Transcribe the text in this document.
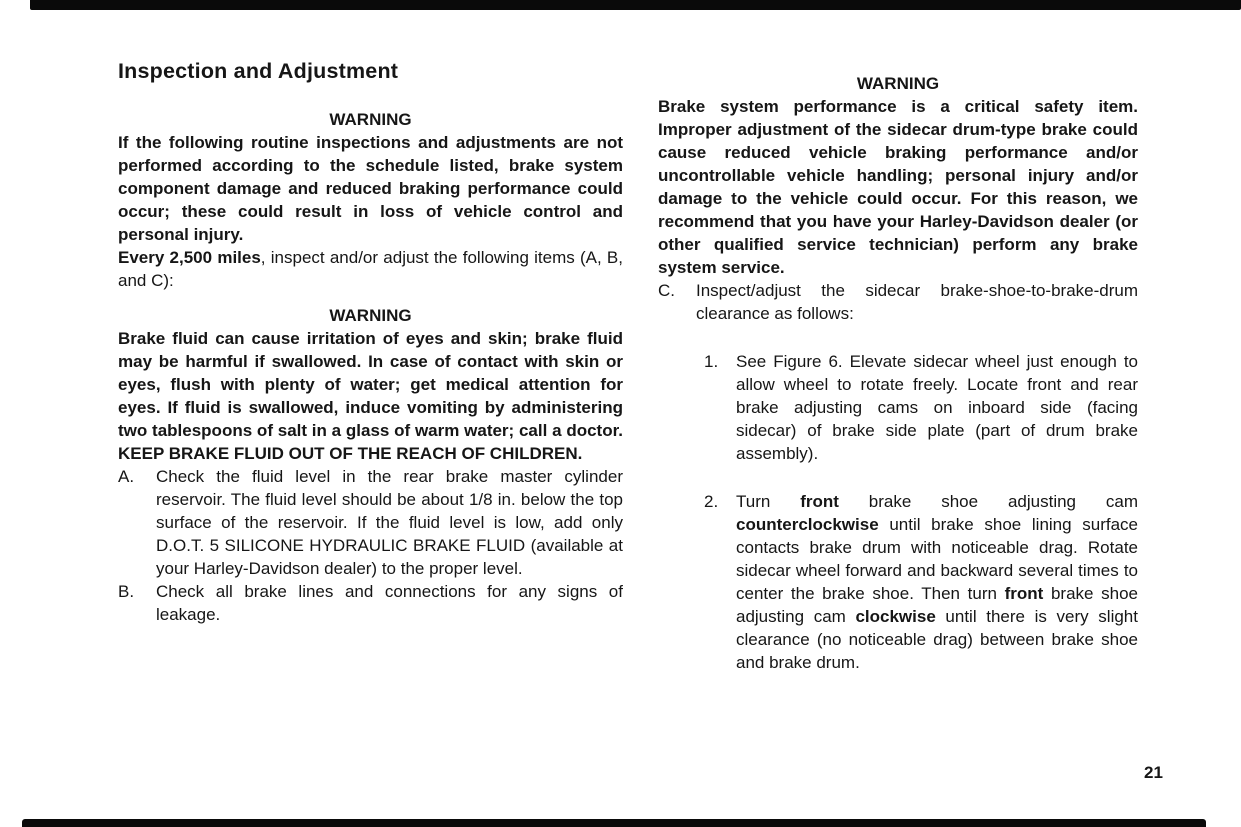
Inspection and Adjustment
WARNING

If the following routine inspections and adjustments are not performed according to the schedule listed, brake system component damage and reduced braking performance could occur; these could result in loss of vehicle control and personal injury.

Every 2,500 miles, inspect and/or adjust the following items (A, B, and C):

WARNING

Brake fluid can cause irritation of eyes and skin; brake fluid may be harmful if swallowed. In case of contact with skin or eyes, flush with plenty of water; get medical attention for eyes. If fluid is swallowed, induce vomiting by administering two tablespoons of salt in a glass of warm water; call a doctor. KEEP BRAKE FLUID OUT OF THE REACH OF CHILDREN.

A.	Check the fluid level in the rear brake master cylinder reservoir. The fluid level should be about 1/8 in. below the top surface of the reservoir. If the fluid level is low, add only D.O.T. 5 SILICONE HYDRAULIC BRAKE FLUID (available at your Harley-Davidson dealer) to the proper level.
B.	Check all brake lines and connections for any signs of leakage.
WARNING

Brake system performance is a critical safety item. Improper adjustment of the sidecar drum-type brake could cause reduced vehicle braking performance and/or uncontrollable vehicle handling; personal injury and/or damage to the vehicle could occur. For this reason, we recommend that you have your Harley-Davidson dealer (or other qualified service technician) perform any brake system service.

C.	Inspect/adjust the sidecar brake-shoe-to-brake-drum clearance as follows:
1.	See Figure 6. Elevate sidecar wheel just enough to allow wheel to rotate freely. Locate front and rear brake adjusting cams on inboard side (facing sidecar) of brake side plate (part of drum brake assembly).
2.	Turn front brake shoe adjusting cam counterclockwise until brake shoe lining surface contacts brake drum with noticeable drag. Rotate sidecar wheel forward and backward several times to center the brake shoe. Then turn front brake shoe adjusting cam clockwise until there is very slight clearance (no noticeable drag) between brake shoe and brake drum.
21
